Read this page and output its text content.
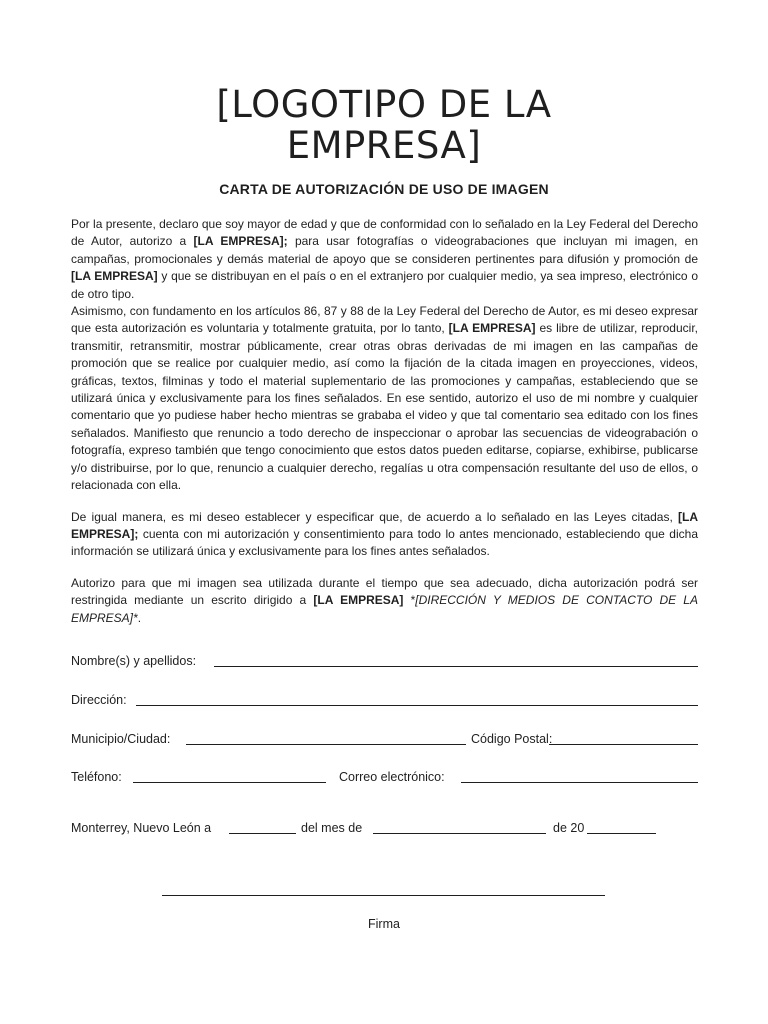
[LOGOTIPO DE LA
EMPRESA]
CARTA DE AUTORIZACIÓN DE USO DE IMAGEN

Por la presente, declaro que soy mayor de edad y que de conformidad con lo señalado en la Ley Federal del Derecho de Autor, autorizo a [LA EMPRESA]; para usar fotografías o videograbaciones que incluyan mi imagen, en campañas, promocionales y demás material de apoyo que se consideren pertinentes para difusión y promoción de [LA EMPRESA] y que se distribuyan en el país o en el extranjero por cualquier medio, ya sea impreso, electrónico o de otro tipo.

Asimismo, con fundamento en los artículos 86, 87 y 88 de la Ley Federal del Derecho de Autor, es mi deseo expresar que esta autorización es voluntaria y totalmente gratuita, por lo tanto, [LA EMPRESA] es libre de utilizar, reproducir, transmitir, retransmitir, mostrar públicamente, crear otras obras derivadas de mi imagen en las campañas de promoción que se realice por cualquier medio, así como la fijación de la citada imagen en proyecciones, videos, gráficas, textos, filminas y todo el material suplementario de las promociones y campañas, estableciendo que se utilizará única y exclusivamente para los fines señalados. En ese sentido, autorizo el uso de mi nombre y cualquier comentario que yo pudiese haber hecho mientras se grababa el video y que tal comentario sea editado con los fines señalados. Manifiesto que renuncio a todo derecho de inspeccionar o aprobar las secuencias de videograbación o fotografía, expreso también que tengo conocimiento que estos datos pueden editarse, copiarse, exhibirse, publicarse y/o distribuirse, por lo que, renuncio a cualquier derecho, regalías u otra compensación resultante del uso de ellos, o relacionada con ella.

De igual manera, es mi deseo establecer y especificar que, de acuerdo a lo señalado en las Leyes citadas, [LA EMPRESA]; cuenta con mi autorización y consentimiento para todo lo antes mencionado, estableciendo que dicha información se utilizará única y exclusivamente para los fines antes señalados.

Autorizo para que mi imagen sea utilizada durante el tiempo que sea adecuado, dicha autorización podrá ser restringida mediante un escrito dirigido a [LA EMPRESA] *[DIRECCIÓN Y MEDIOS DE CONTACTO DE LA EMPRESA]*.

Nombre(s) y apellidos:
Dirección:
Municipio/Ciudad:	Código Postal:
Teléfono:	Correo electrónico:
Monterrey, Nuevo León a	del mes de	de 20
Firma
